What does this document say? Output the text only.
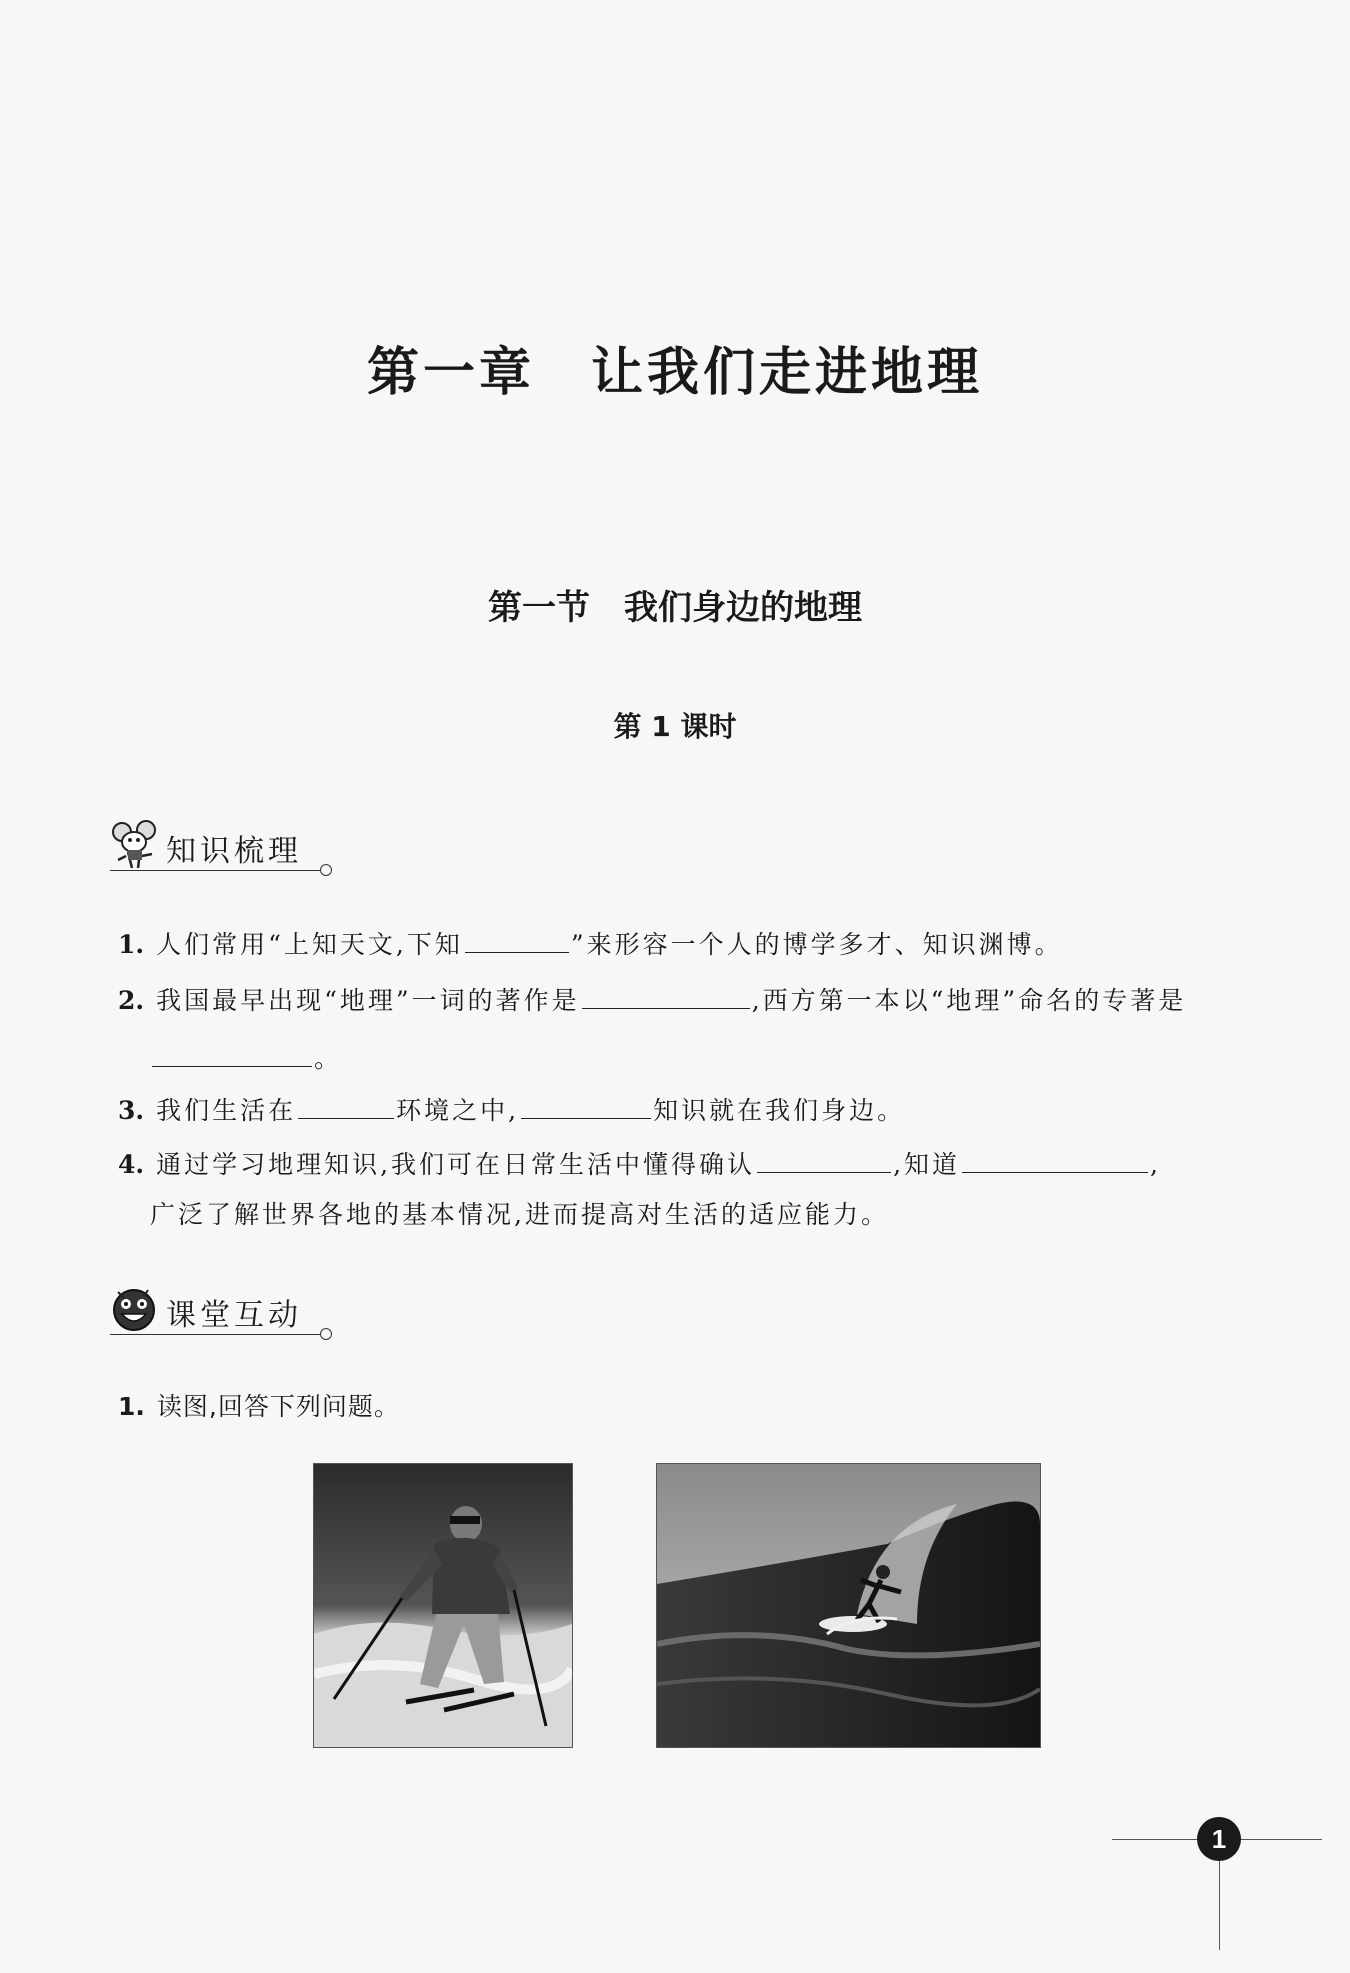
第一章　让我们走进地理
第一节　我们身边的地理
第 1 课时
知识梳理
1. 人们常用“上知天文,下知	”来形容一个人的博学多才、知识渊博。
2. 我国最早出现“地理”一词的著作是	,西方第一本以“地理”命名的专著是
。
3. 我们生活在	环境之中,	知识就在我们身边。
4. 通过学习地理知识,我们可在日常生活中懂得确认	,知道	,
广泛了解世界各地的基本情况,进而提高对生活的适应能力。
课堂互动
1. 读图,回答下列问题。
1
